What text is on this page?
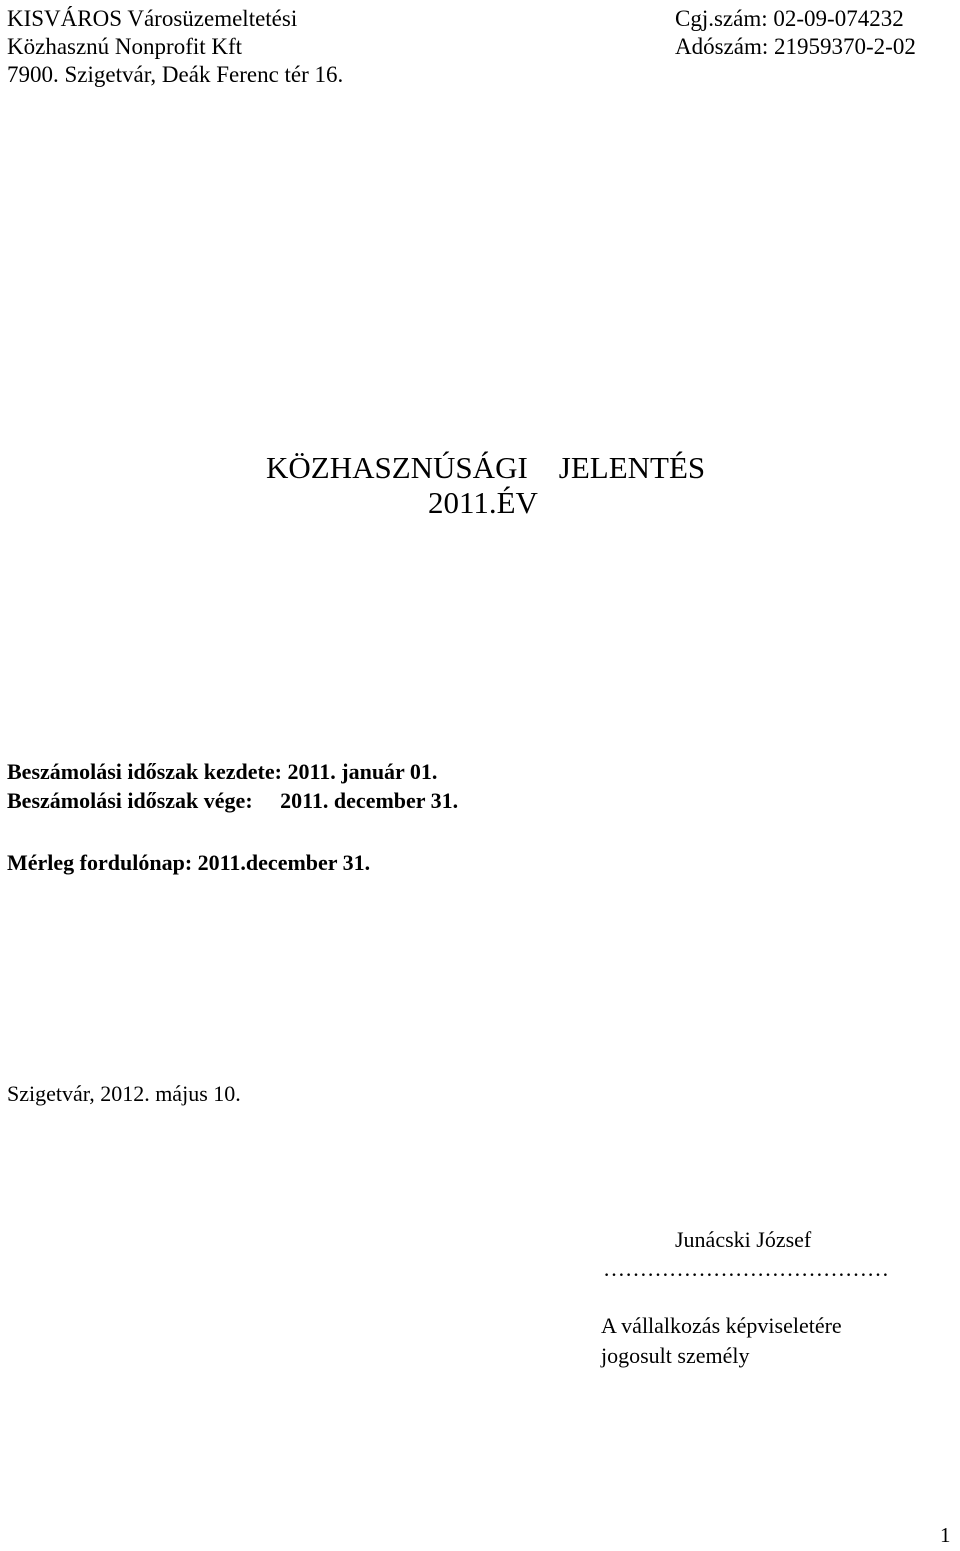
KISVÁROS Városüzemeltetési
Közhasznú Nonprofit Kft
7900. Szigetvár, Deák Ferenc tér 16.
Cgj.szám: 02-09-074232
Adószám: 21959370-2-02
KÖZHASZNÚSÁGI    JELENTÉS
2011.ÉV
Beszámolási időszak kezdete: 2011. január 01.
Beszámolási időszak vége:     2011. december 31.
Mérleg fordulónap: 2011.december 31.
Szigetvár, 2012. május 10.
Junácski József
…………………………………
A vállalkozás képviseletére
jogosult személy
1
